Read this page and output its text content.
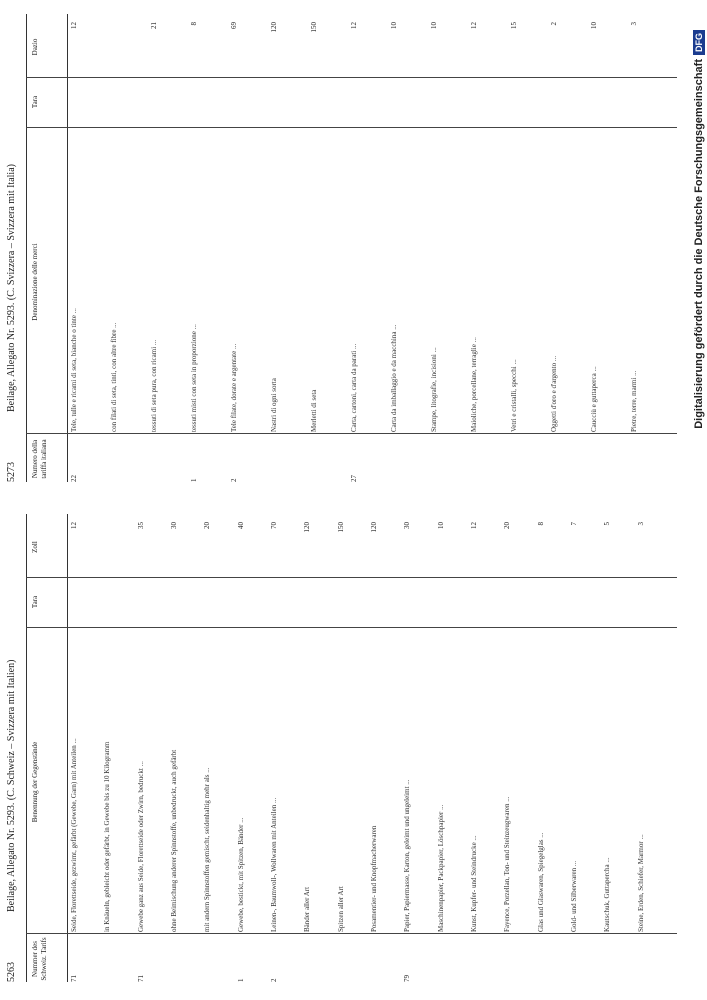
5263
Beilage, Allegato Nr. 5293. (C. Schweiz – Svizzera mit Italien)
Nummer des Schweiz. Tarifs
Benennung der Gegenstände
Tara
Zoll
71
Seide, Florettseide, gezwirnt, gefärbt (Gewebe, Garn) mit Anteilen ...
12
in Knäueln, gebleicht oder gefärbt, in Gewebe bis zu 10 Kilogramm
71
Gewebe ganz aus Seide, Florettseide oder Zwirn, bedruckt ...
35
ohne Beimischung anderer Spinnstoffe, unbedruckt, auch gefärbt
30
mit andern Spinnstoffen gemischt, seidenhaltig mehr als ...
20
1
Gewebe, bestickt, mit Spitzen, Bänder ...
40
2
Leinen-, Baumwoll-, Wollwaren mit Anteilen ...
70
Bänder aller Art
120
Spitzen aller Art
150
Posamentier- und Knopfmacherwaren
120
79
Papier, Papiermasse, Karton, geleimt und ungeleimt ...
30
Maschinenpapier, Packpapier, Löschpapier ...
10
Kunst, Kupfer- und Steindrucke ...
12
Fayence, Porzellan, Ton- und Steinzeugwaren ...
20
Glas und Glaswaren, Spiegelglas ...
8
Gold- und Silberwaren ...
7
Kautschuk, Guttapercha ...
5
Steine, Erden, Schiefer, Marmor ...
3
5273
Beilage, Allegato Nr. 5293. (C. Svizzera – Svizzera mit Italia)
Numero della tariffa italiana
Denominazione delle merci
Tara
Dazio
22
Tele, tulle e ricami di seta, bianche o tinte ...
12
con filati di seta, tinti, con altre fibre ...	tessuti di seta pura, con ricami ...
21
1
tessuti misti con seta in proporzione ...
8
2
Tele filate, dorate e argentate ...
69
Nastri di ogni sorta
120
Merletti di seta
150
27
Carta, cartoni, carta da parati ...
12
Carta da imballaggio e da macchina ...
10
Stampe, litografie, incisioni ...
10
Maioliche, porcellane, terraglie ...
12
Vetri e cristalli, specchi ...
15
Oggetti d'oro e d'argento ...
2
Caucciù e guttaperca ...
10
Pietre, terre, marmi ...
3
Digitalisierung gefördert durch die Deutsche ForschungsgemeinschaftDFG
